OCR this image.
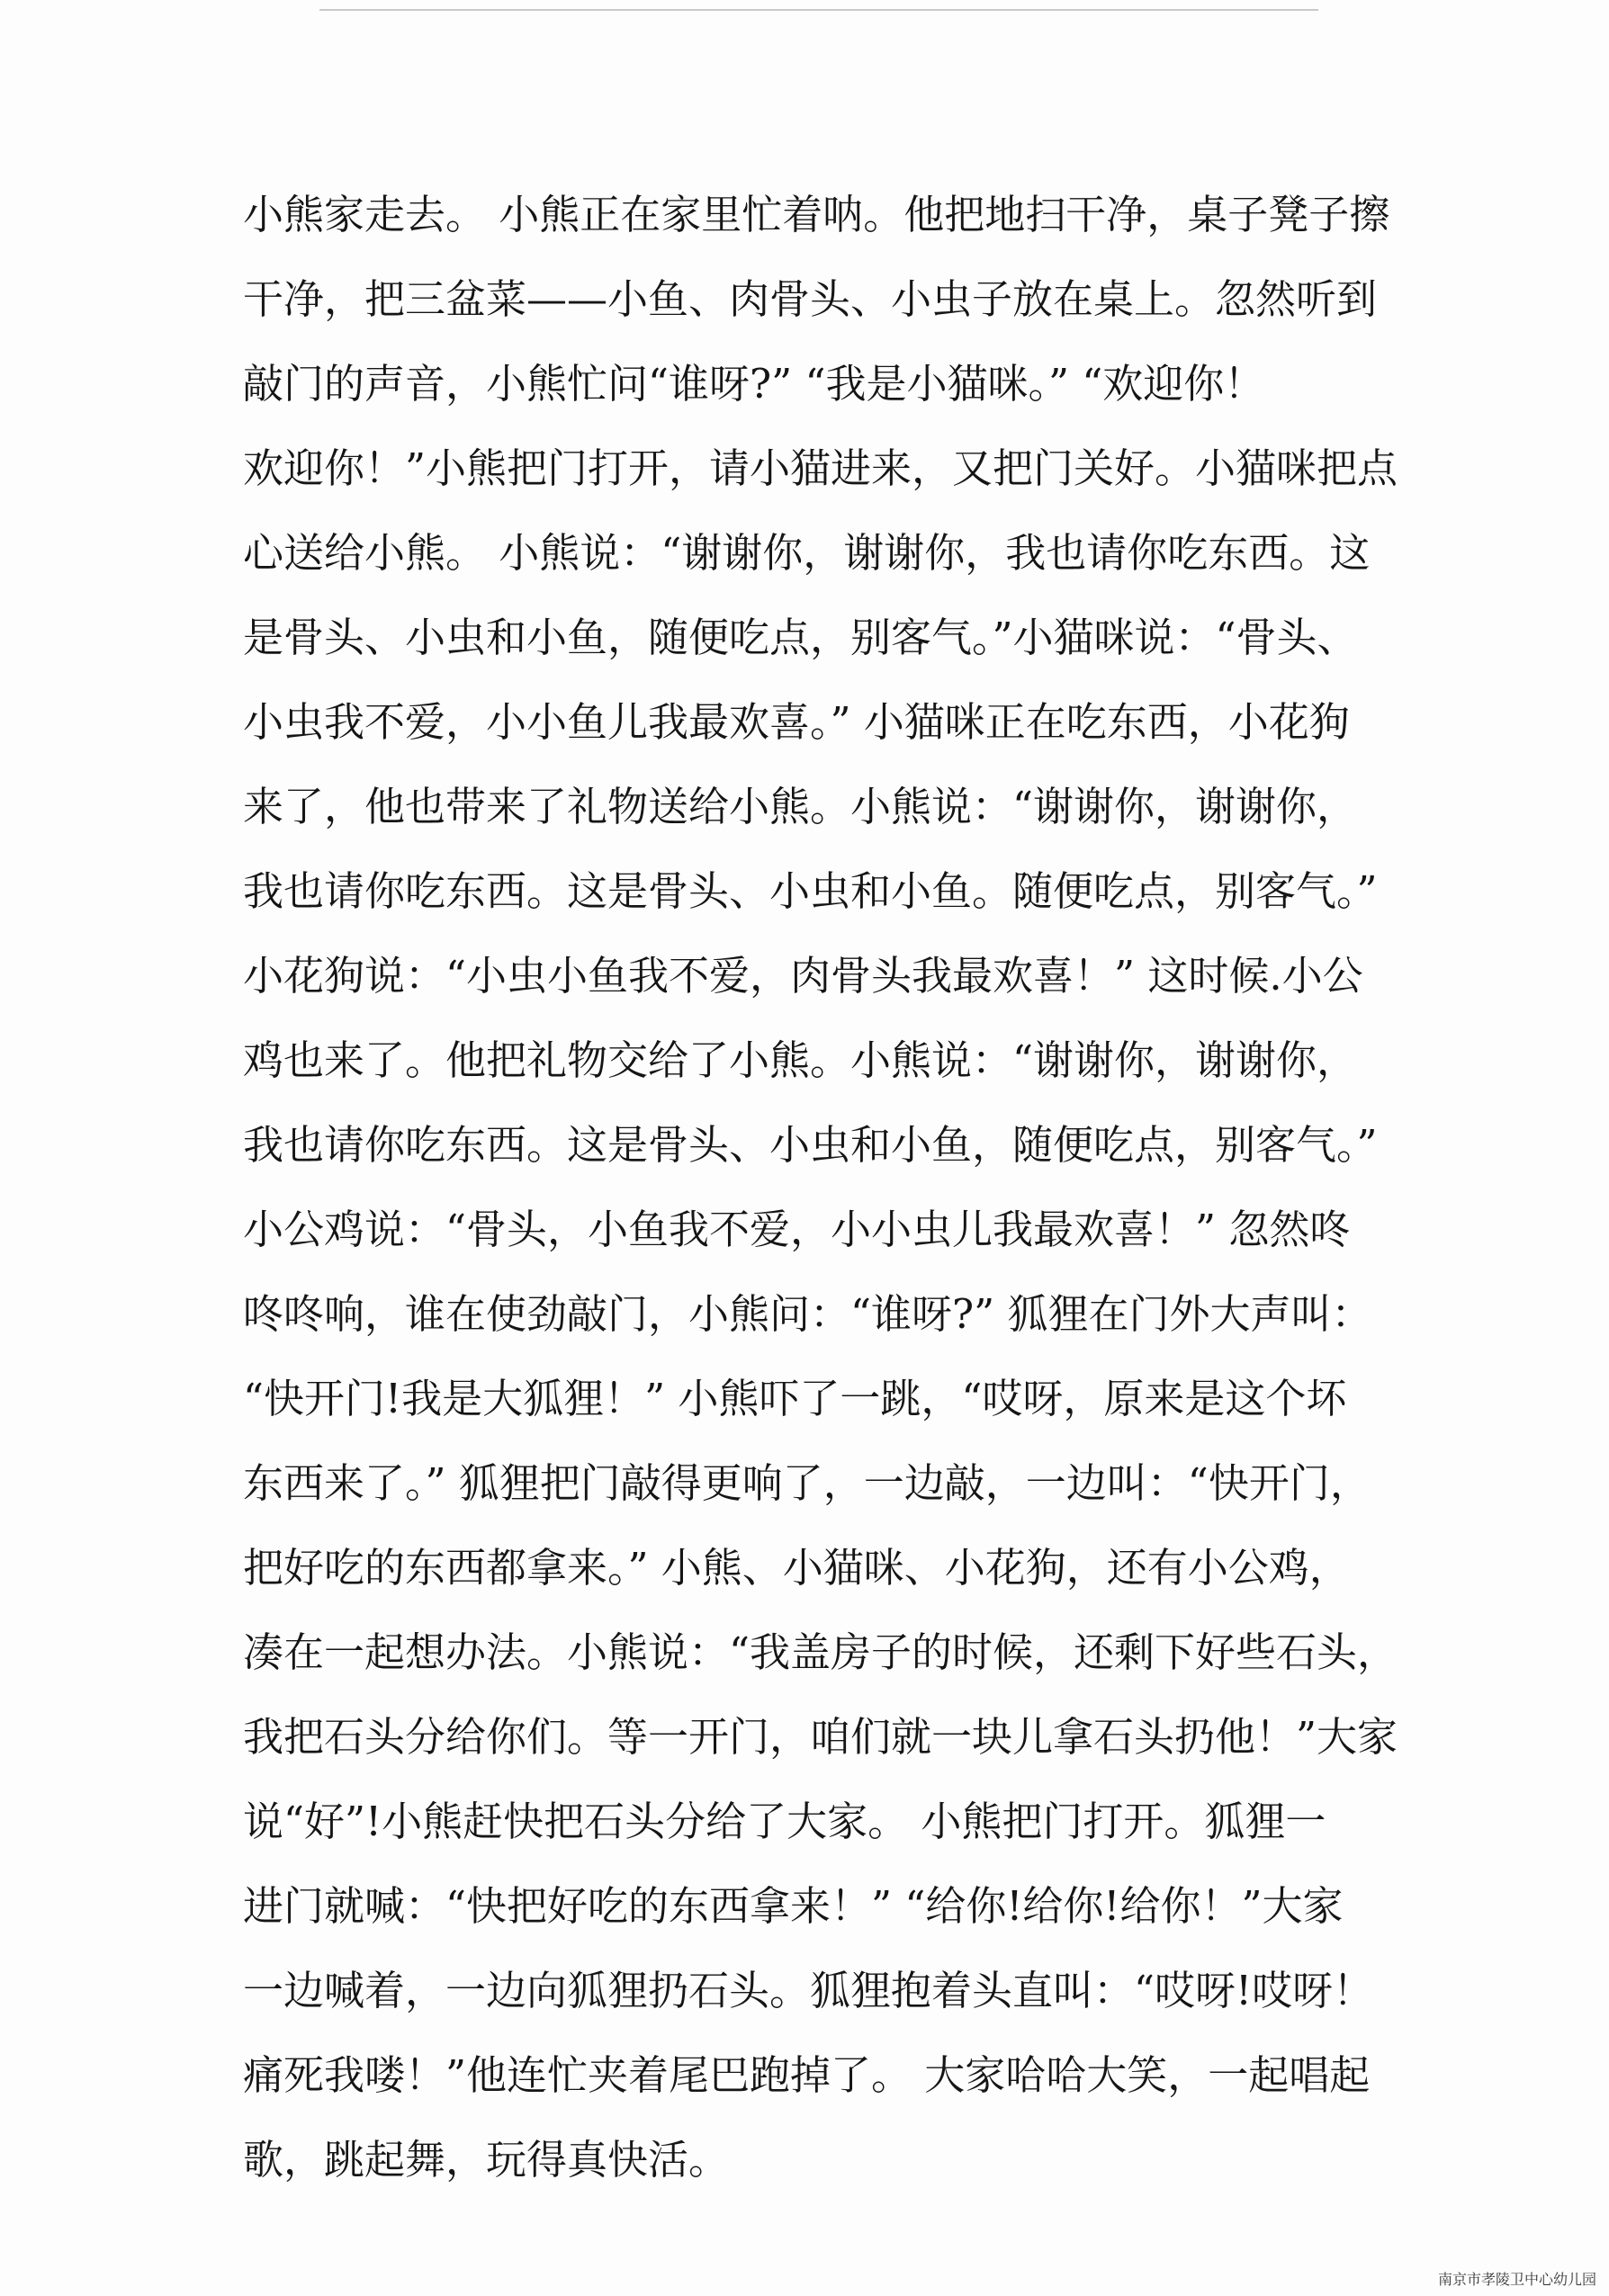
小熊家走去。 小熊正在家里忙着呐。他把地扫干净，桌子凳子擦
干净，把三盆菜——小鱼、肉骨头、小虫子放在桌上。忽然听到
敲门的声音，小熊忙问“谁呀?” “我是小猫咪。” “欢迎你！
欢迎你！”小熊把门打开，请小猫进来，又把门关好。小猫咪把点
心送给小熊。 小熊说：“谢谢你，谢谢你，我也请你吃东西。这
是骨头、小虫和小鱼，随便吃点，别客气。”小猫咪说：“骨头、
小虫我不爱，小小鱼儿我最欢喜。” 小猫咪正在吃东西，小花狗
来了，他也带来了礼物送给小熊。小熊说：“谢谢你，谢谢你，
我也请你吃东西。这是骨头、小虫和小鱼。随便吃点，别客气。”
小花狗说：“小虫小鱼我不爱，肉骨头我最欢喜！” 这时候.小公
鸡也来了。他把礼物交给了小熊。小熊说：“谢谢你，谢谢你，
我也请你吃东西。这是骨头、小虫和小鱼，随便吃点，别客气。”
小公鸡说：“骨头，小鱼我不爱，小小虫儿我最欢喜！” 忽然咚
咚咚响，谁在使劲敲门，小熊问：“谁呀?” 狐狸在门外大声叫：
“快开门!我是大狐狸！” 小熊吓了一跳，“哎呀，原来是这个坏
东西来了。” 狐狸把门敲得更响了，一边敲，一边叫：“快开门，
把好吃的东西都拿来。” 小熊、小猫咪、小花狗，还有小公鸡，
凑在一起想办法。小熊说：“我盖房子的时候，还剩下好些石头，
我把石头分给你们。等一开门，咱们就一块儿拿石头扔他！”大家
说“好”!小熊赶快把石头分给了大家。 小熊把门打开。狐狸一
进门就喊：“快把好吃的东西拿来！” “给你!给你!给你！”大家
一边喊着，一边向狐狸扔石头。狐狸抱着头直叫：“哎呀!哎呀！
痛死我喽！”他连忙夹着尾巴跑掉了。 大家哈哈大笑，一起唱起
歌，跳起舞，玩得真快活。
南京市孝陵卫中心幼儿园
